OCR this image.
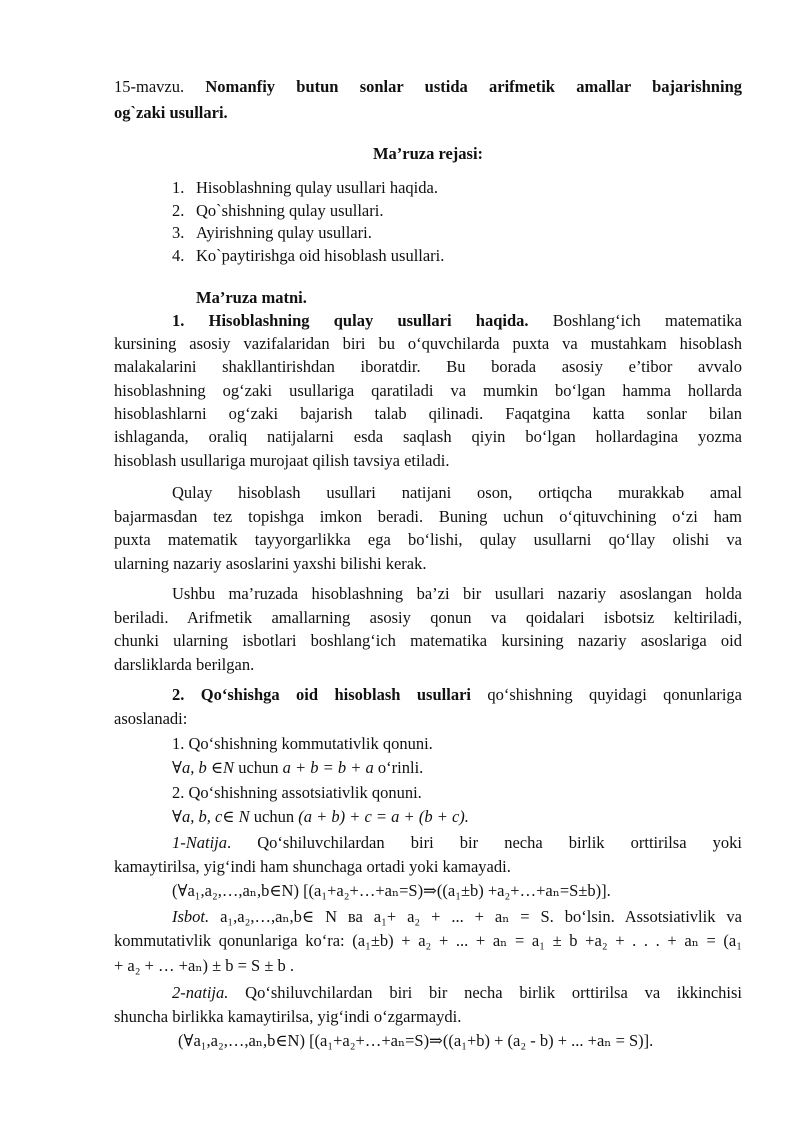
15-mavzu. Nomanfiy butun sonlar ustida arifmetik amallar bajarishning
og`zaki usullari.
Ma’ruza rejasi:
1. Hisoblashning qulay usullari haqida.
2. Qo`shishning qulay usullari.
3. Ayirishning qulay usullari.
4. Ko`paytirishga oid hisoblash usullari.
Ma’ruza matni.
1. Hisoblashning qulay usullari haqida. Boshlang‘ich matematika
kursining asosiy vazifalaridan biri bu o‘quvchilarda puxta va mustahkam hisoblash
malakalarini shakllantirishdan iboratdir. Bu borada asosiy e’tibor avvalo
hisoblashning og‘zaki usullariga qaratiladi va mumkin bo‘lgan hamma hollarda
hisoblashlarni og‘zaki bajarish talab qilinadi. Faqatgina katta sonlar bilan
ishlaganda, oraliq natijalarni esda saqlash qiyin bo‘lgan hollardagina yozma
hisoblash usullariga murojaat qilish tavsiya etiladi.
Qulay hisoblash usullari natijani oson, ortiqcha murakkab amal
bajarmasdan tez topishga imkon beradi. Buning uchun o‘qituvchining o‘zi ham
puxta matematik tayyorgarlikka ega bo‘lishi, qulay usullarni qo‘llay olishi va
ularning nazariy asoslarini yaxshi bilishi kerak.
Ushbu ma’ruzada hisoblashning ba’zi bir usullari nazariy asoslangan holda
beriladi. Arifmetik amallarning asosiy qonun va qoidalari isbotsiz keltiriladi,
chunki ularning isbotlari boshlang‘ich matematika kursining nazariy asoslariga oid
darsliklarda berilgan.
2. Qo‘shishga oid hisoblash usullari qo‘shishning quyidagi qonunlariga
asoslanadi:
1. Qo‘shishning kommutativlik qonuni.
∀a, b ∈N uchun a + b = b + a o‘rinli.
2. Qo‘shishning assotsiativlik qonuni.
∀a, b, c∈ N uchun (a + b) + c = a + (b + c).
1-Natija. Qo‘shiluvchilardan biri bir necha birlik orttirilsa yoki
kamaytirilsa, yig‘indi ham shunchaga ortadi yoki kamayadi.
(∀a₁,a₂,…,aₙ,b∈N) [(a₁+a₂+…+aₙ=S)⇒((a₁±b) +a₂+…+aₙ=S±b)].
Isbot. a₁,a₂,…,aₙ,b∈ N ва a₁+ a₂ + ... + aₙ = S. bo‘lsin. Assotsiativlik va
kommutativlik qonunlariga ko‘ra: (a₁±b) + a₂ + ... + aₙ = a₁ ± b +a₂ + . . . + aₙ = (a₁
+ a₂ + … +aₙ) ± b = S ± b .
2-natija. Qo‘shiluvchilardan biri bir necha birlik orttirilsa va ikkinchisi
shuncha birlikka kamaytirilsa, yig‘indi o‘zgarmaydi.
(∀a₁,a₂,…,aₙ,b∈N) [(a₁+a₂+…+aₙ=S)⇒((a₁+b) + (a₂ - b) + ... +aₙ = S)].
